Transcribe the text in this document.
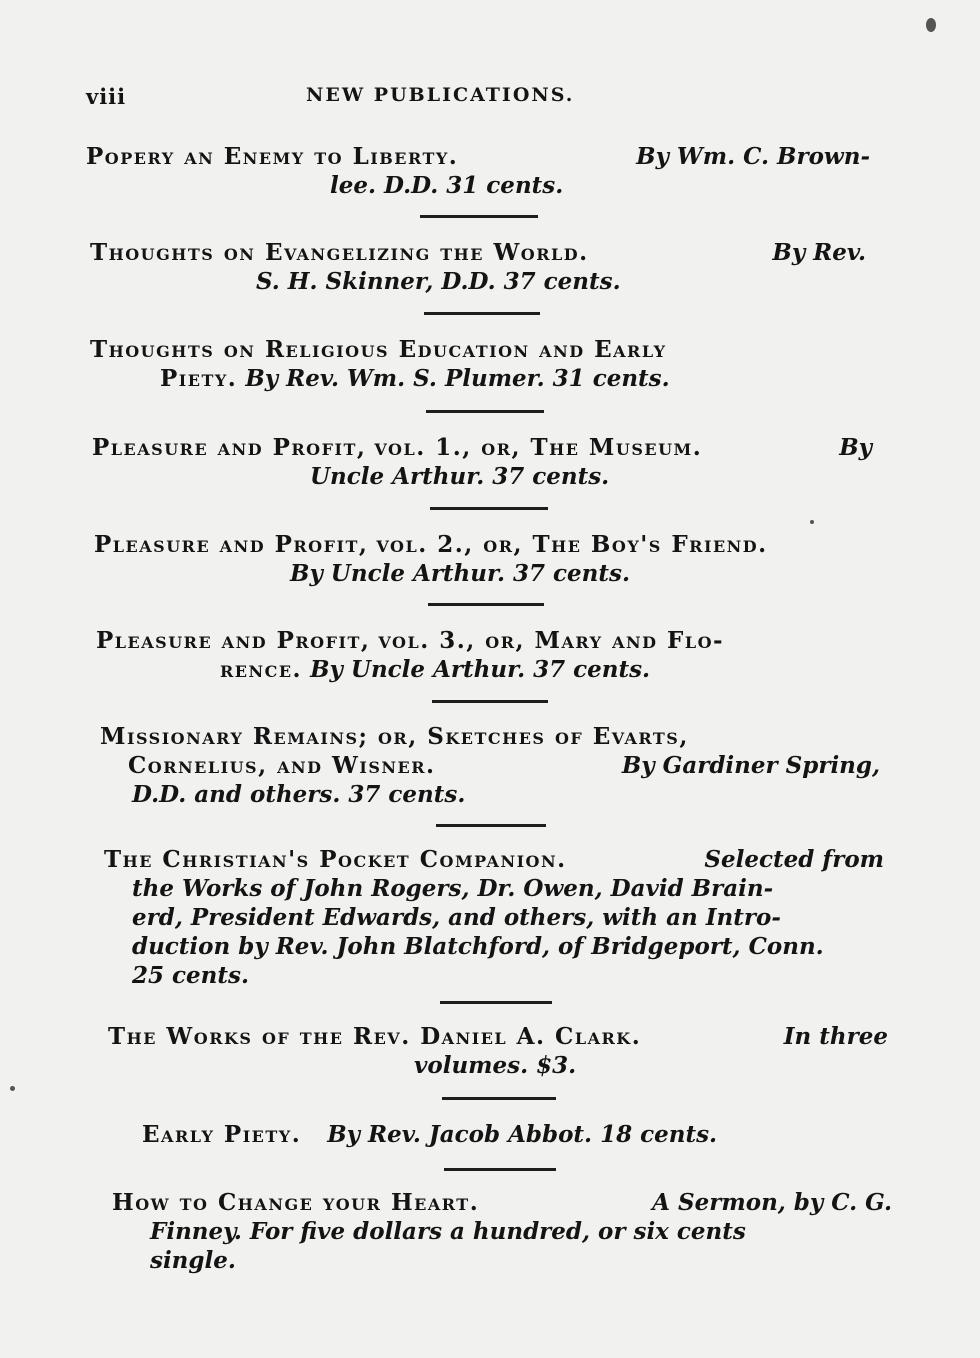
viii	NEW PUBLICATIONS.
Popery an Enemy to Liberty.	By Wm. C. Brown-
lee. D.D. 31 cents.
Thoughts on Evangelizing the World.	By Rev.
S. H. Skinner, D.D. 37 cents.
Thoughts on Religious Education and Early
Piety. By Rev. Wm. S. Plumer. 31 cents.
Pleasure and Profit, vol. 1., or, The Museum.	By
Uncle Arthur. 37 cents.
Pleasure and Profit, vol. 2., or, The Boy's Friend.
By Uncle Arthur. 37 cents.
Pleasure and Profit, vol. 3., or, Mary and Flo-
rence. By Uncle Arthur. 37 cents.
Missionary Remains; or, Sketches of Evarts,
Cornelius, and Wisner.	By Gardiner Spring,
D.D. and others. 37 cents.
The Christian's Pocket Companion.	Selected from
the Works of John Rogers, Dr. Owen, David Brain-
erd, President Edwards, and others, with an Intro-
duction by Rev. John Blatchford, of Bridgeport, Conn.
25 cents.
The Works of the Rev. Daniel A. Clark.	In three
volumes. $3.
Early Piety. By Rev. Jacob Abbot. 18 cents.
How to Change your Heart.	A Sermon, by C. G.
Finney. For five dollars a hundred, or six cents
single.
